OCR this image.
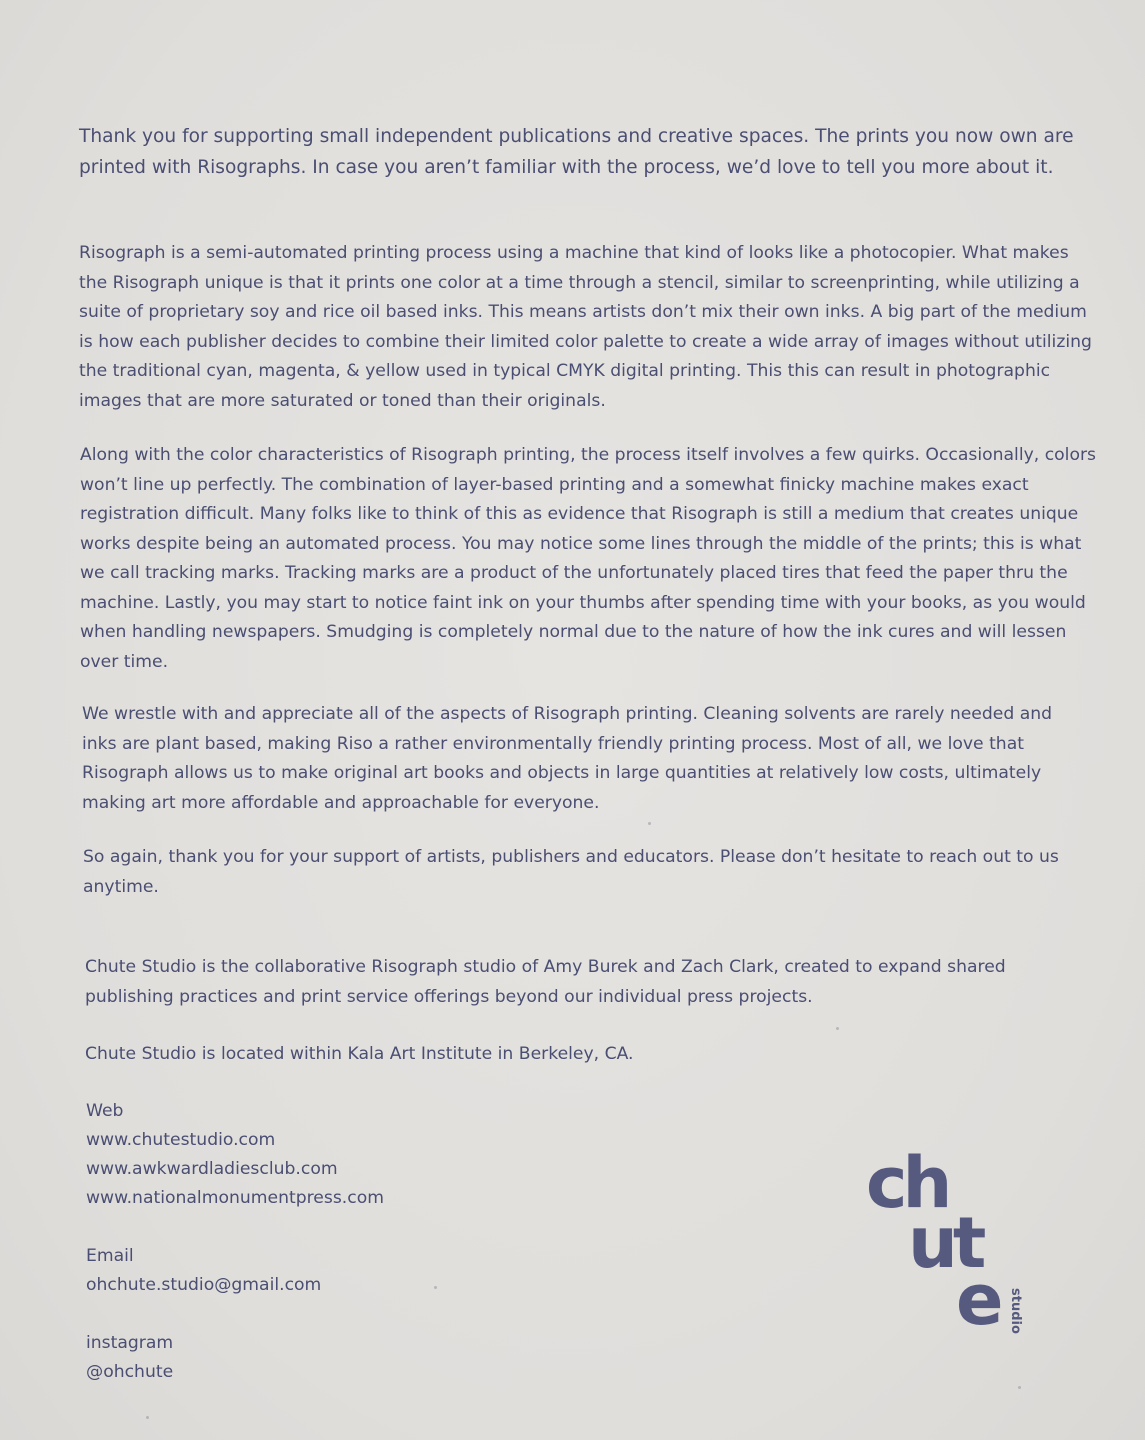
Thank you for supporting small independent publications and creative spaces. The prints you now own are printed with Risographs. In case you aren’t familiar with the process, we’d love to tell you more about it.

Risograph is a semi-automated printing process using a machine that kind of looks like a photocopier. What makes the Risograph unique is that it prints one color at a time through a stencil, similar to screenprinting, while utilizing a suite of proprietary soy and rice oil based inks. This means artists don’t mix their own inks. A big part of the medium is how each publisher decides to combine their limited color palette to create a wide array of images without utilizing the traditional cyan, magenta, & yellow used in typical CMYK digital printing. This this can result in photographic images that are more saturated or toned than their originals.

Along with the color characteristics of Risograph printing, the process itself involves a few quirks. Occasionally, colors won’t line up perfectly. The combination of layer-based printing and a somewhat finicky machine makes exact registration difficult. Many folks like to think of this as evidence that Risograph is still a medium that creates unique works despite being an automated process. You may notice some lines through the middle of the prints; this is what we call tracking marks. Tracking marks are a product of the unfortunately placed tires that feed the paper thru the machine. Lastly, you may start to notice faint ink on your thumbs after spending time with your books, as you would when handling newspapers. Smudging is completely normal due to the nature of how the ink cures and will lessen over time.

We wrestle with and appreciate all of the aspects of Risograph printing. Cleaning solvents are rarely needed and inks are plant based, making Riso a rather environmentally friendly printing process. Most of all, we love that Risograph allows us to make original art books and objects in large quantities at relatively low costs, ultimately making art more affordable and approachable for everyone.

So again, thank you for your support of artists, publishers and educators. Please don’t hesitate to reach out to us anytime.

Chute Studio is the collaborative Risograph studio of Amy Burek and Zach Clark, created to expand shared publishing practices and print service offerings beyond our individual press projects.

Chute Studio is located within Kala Art Institute in Berkeley, CA.

Web
www.chutestudio.com
www.awkwardladiesclub.com
www.nationalmonumentpress.com
Email
ohchute.studio@gmail.com
instagram
@ohchute
ch
ut
e studio
